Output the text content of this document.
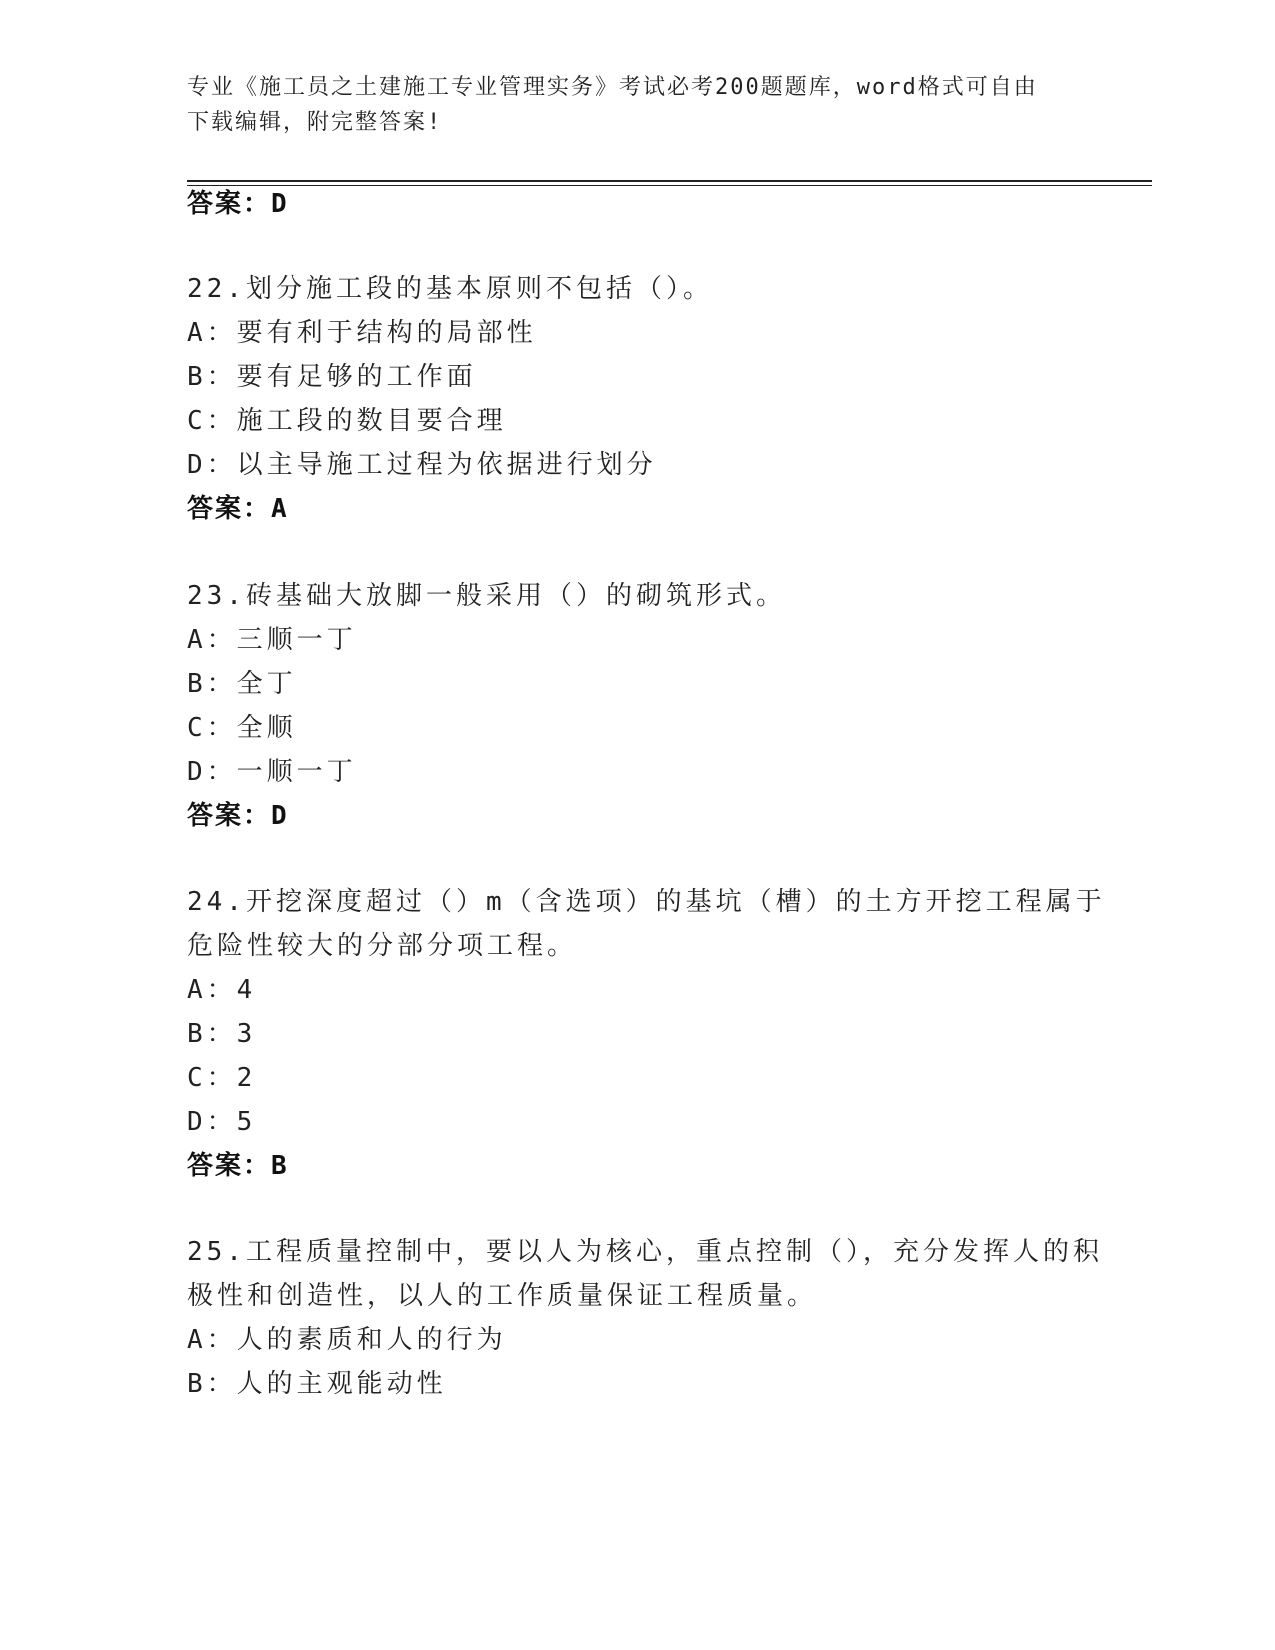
专业《施工员之土建施工专业管理实务》考试必考200题题库，word格式可自由
下载编辑，附完整答案!
答案：D
22.划分施工段的基本原则不包括（）。
A：要有利于结构的局部性
B：要有足够的工作面
C：施工段的数目要合理
D：以主导施工过程为依据进行划分
答案：A
23.砖基础大放脚一般采用（）的砌筑形式。
A：三顺一丁
B：全丁
C：全顺
D：一顺一丁
答案：D
24.开挖深度超过（）m（含选项）的基坑（槽）的土方开挖工程属于
危险性较大的分部分项工程。
A：4
B：3
C：2
D：5
答案：B
25.工程质量控制中，要以人为核心，重点控制（），充分发挥人的积
极性和创造性，以人的工作质量保证工程质量。
A：人的素质和人的行为
B：人的主观能动性
